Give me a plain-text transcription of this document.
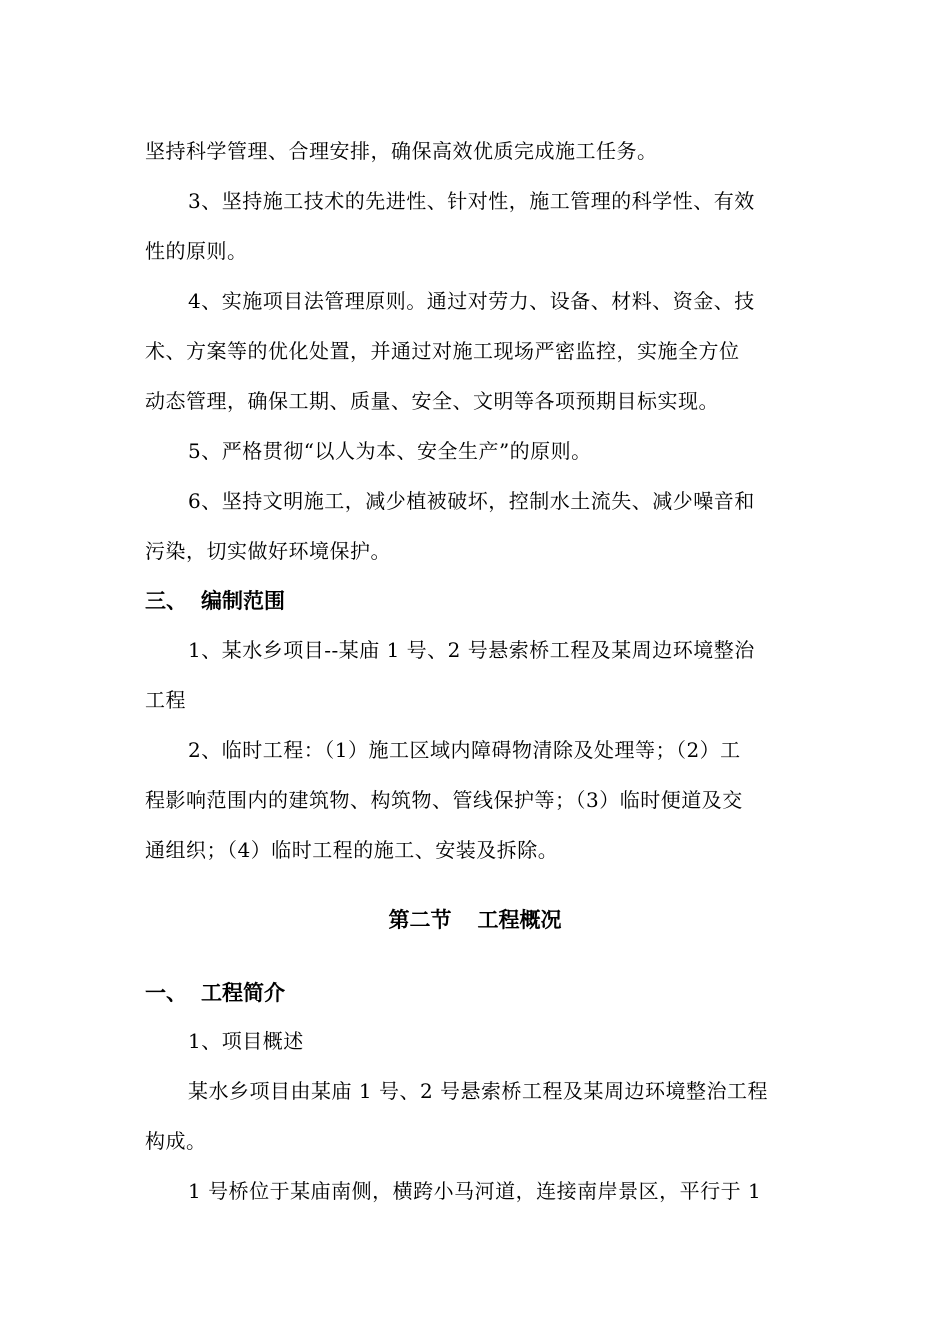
坚持科学管理、合理安排，确保高效优质完成施工任务。
3、坚持施工技术的先进性、针对性，施工管理的科学性、有效
性的原则。
4、实施项目法管理原则。通过对劳力、设备、材料、资金、技
术、方案等的优化处置，并通过对施工现场严密监控，实施全方位
动态管理，确保工期、质量、安全、文明等各项预期目标实现。
5、严格贯彻“以人为本、安全生产”的原则。
6、坚持文明施工，减少植被破坏，控制水土流失、减少噪音和
污染，切实做好环境保护。
三、 编制范围
1、某水乡项目--某庙 1 号、2 号悬索桥工程及某周边环境整治
工程
2、临时工程：（1）施工区域内障碍物清除及处理等；（2）工
程影响范围内的建筑物、构筑物、管线保护等；（3）临时便道及交
通组织；（4）临时工程的施工、安装及拆除。
第二节 工程概况
一、 工程简介
1、项目概述
某水乡项目由某庙 1 号、2 号悬索桥工程及某周边环境整治工程
构成。
1 号桥位于某庙南侧，横跨小马河道，连接南岸景区，平行于 1
